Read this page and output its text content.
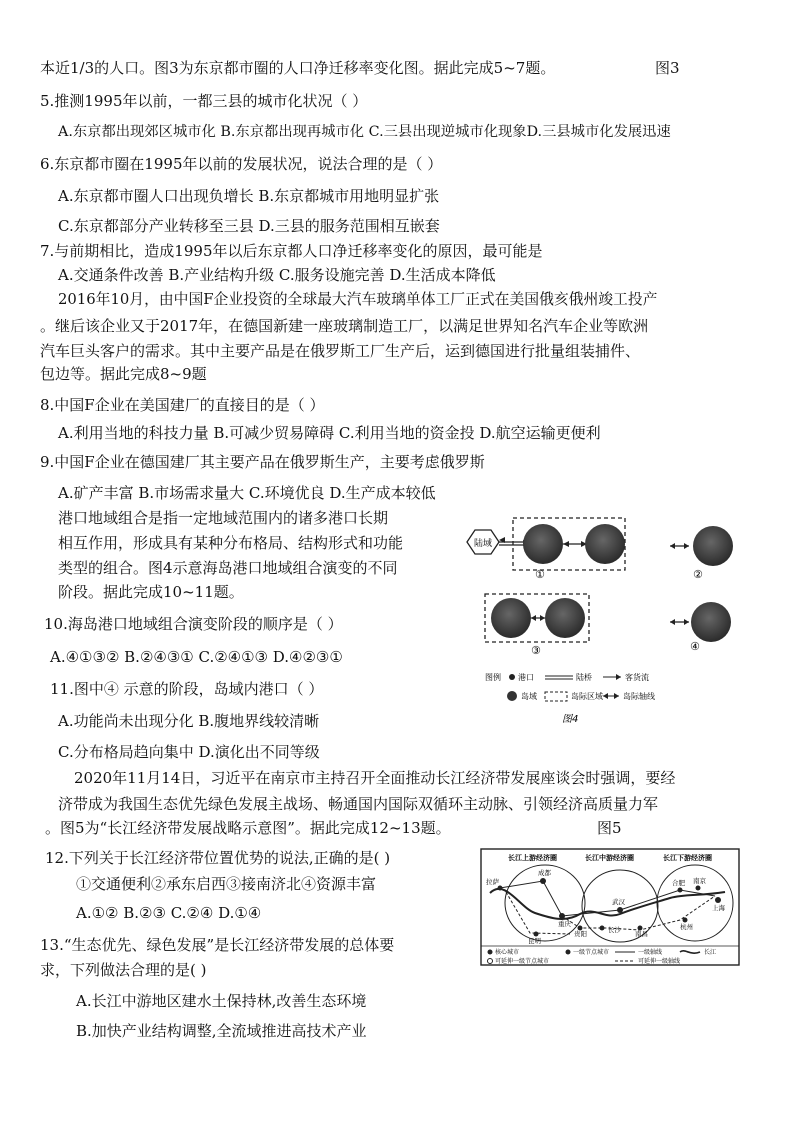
本近1/3的人口。图3为东京都市圈的人口净迁移率变化图。据此完成5~7题。	图3
5.推测1995年以前，一都三县的城市化状况（ ）
A.东京都出现郊区城市化 B.东京都出现再城市化 C.三县出现逆城市化现象D.三县城市化发展迅速
6.东京都市圈在1995年以前的发展状况，说法合理的是（ ）
A.东京都市圈人口出现负增长 B.东京都城市用地明显扩张
C.东京都部分产业转移至三县 D.三县的服务范围相互嵌套
7.与前期相比，造成1995年以后东京都人口净迁移率变化的原因，最可能是
A.交通条件改善 B.产业结构升级 C.服务设施完善 D.生活成本降低
2016年10月，由中国F企业投资的全球最大汽车玻璃单体工厂正式在美国俄亥俄州竣工投产
。继后该企业又于2017年，在德国新建一座玻璃制造工厂，以满足世界知名汽车企业等欧洲
汽车巨头客户的需求。其中主要产品是在俄罗斯工厂生产后，运到德国进行批量组装捕件、
包边等。据此完成8~9题
8.中国F企业在美国建厂的直接目的是（ ）
A.利用当地的科技力量 B.可减少贸易障碍 C.利用当地的资金投 D.航空运输更便利
9.中国F企业在德国建厂其主要产品在俄罗斯生产，主要考虑俄罗斯
A.矿产丰富 B.市场需求量大 C.环境优良 D.生产成本较低
港口地域组合是指一定地域范围内的诸多港口长期
相互作用，形成具有某种分布格局、结构形式和功能
类型的组合。图4示意海岛港口地域组合演变的不同
阶段。据此完成10~11题。
10.海岛港口地域组合演变阶段的顺序是（ ）
A.④①③② B.②④③① C.②④①③ D.④②③①
11.图中④ 示意的阶段，岛域内港口（ ）
A.功能尚未出现分化 B.腹地界线较清晰
C.分布格局趋向集中 D.演化出不同等级
2020年11月14日，习近平在南京市主持召开全面推动长江经济带发展座谈会时强调，要经
济带成为我国生态优先绿色发展主战场、畅通国内国际双循环主动脉、引领经济高质量力军
。图5为“长江经济带发展战略示意图”。据此完成12~13题。	图5
12.下列关于长江经济带位置优势的说法,正确的是( )
①交通便利②承东启西③接南济北④资源丰富
A.①② B.②③ C.②④ D.①④
13.“生态优先、绿色发展”是长江经济带发展的总体要
求，下列做法合理的是( )
A.长江中游地区建水土保持林,改善生态环境
B.加快产业结构调整,全流域推进高技术产业
陆域
①	②
③	④
图例 港口	陆桥	客货流
岛域	岛际区域	岛际轴线
图4
长江上游经济圈	长江中游经济圈	长江下游经济圈
拉萨
成都
重庆
武汉
合肥 南京
上海
长沙 南昌
杭州
贵阳
昆明
核心城市	一级节点城市	一级轴线	长江
可延伸一级节点城市	可延伸一级轴线
